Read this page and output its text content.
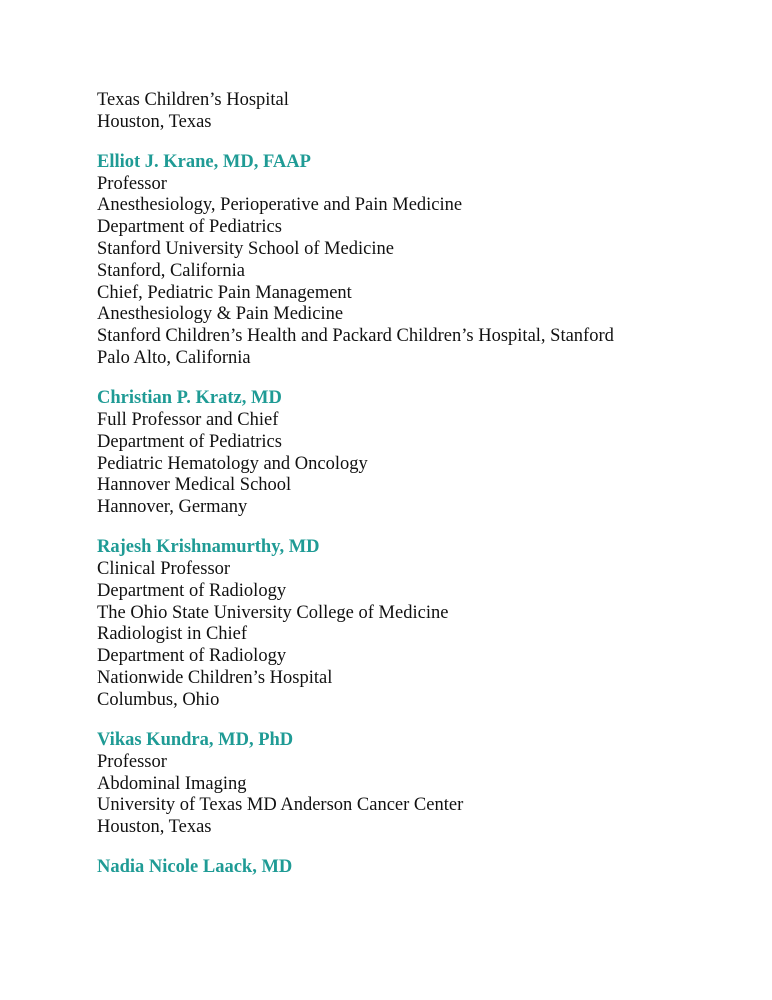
Texas Children’s Hospital
Houston, Texas
Elliot J. Krane, MD, FAAP
Professor
Anesthesiology, Perioperative and Pain Medicine
Department of Pediatrics
Stanford University School of Medicine
Stanford, California
Chief, Pediatric Pain Management
Anesthesiology & Pain Medicine
Stanford Children’s Health and Packard Children’s Hospital, Stanford
Palo Alto, California
Christian P. Kratz, MD
Full Professor and Chief
Department of Pediatrics
Pediatric Hematology and Oncology
Hannover Medical School
Hannover, Germany
Rajesh Krishnamurthy, MD
Clinical Professor
Department of Radiology
The Ohio State University College of Medicine
Radiologist in Chief
Department of Radiology
Nationwide Children’s Hospital
Columbus, Ohio
Vikas Kundra, MD, PhD
Professor
Abdominal Imaging
University of Texas MD Anderson Cancer Center
Houston, Texas
Nadia Nicole Laack, MD
